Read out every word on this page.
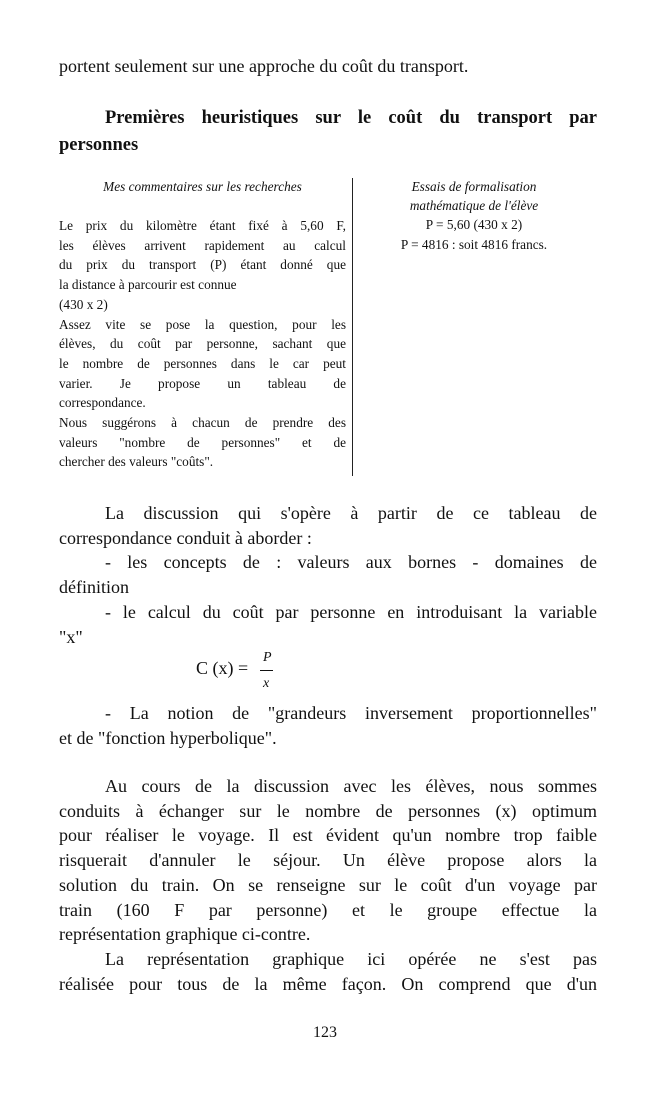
portent seulement sur une approche du coût du transport.
Premières heuristiques sur le coût du transport par
personnes
Mes commentaires sur les recherches
Le prix du kilomètre étant fixé à 5,60 F,
les élèves arrivent rapidement au calcul
du prix du transport (P) étant donné que
la distance à parcourir est connue
(430 x 2)
Assez vite se pose la question, pour les
élèves, du coût par personne, sachant que
le nombre de personnes dans le car peut
varier. Je propose un tableau de
correspondance.
Nous suggérons à chacun de prendre des
valeurs "nombre de personnes" et de
chercher des valeurs "coûts".
Essais de formalisation
mathématique de l'élève
P = 5,60 (430 x 2)
P = 4816 : soit 4816 francs.
La discussion qui s'opère à partir de ce tableau de
correspondance conduit à aborder :
- les concepts de : valeurs aux bornes - domaines de
définition
- le calcul du coût par personne en introduisant la variable
"x"
C (x) =
P
x
- La notion de "grandeurs inversement proportionnelles"
et de "fonction hyperbolique".
Au cours de la discussion avec les élèves, nous sommes
conduits à échanger sur le nombre de personnes (x) optimum
pour réaliser le voyage. Il est évident qu'un nombre trop faible
risquerait d'annuler le séjour. Un élève propose alors la
solution du train. On se renseigne sur le coût d'un voyage par
train (160 F par personne) et le groupe effectue la
représentation graphique ci-contre.
La représentation graphique ici opérée ne s'est pas
réalisée pour tous de la même façon. On comprend que d'un
123
